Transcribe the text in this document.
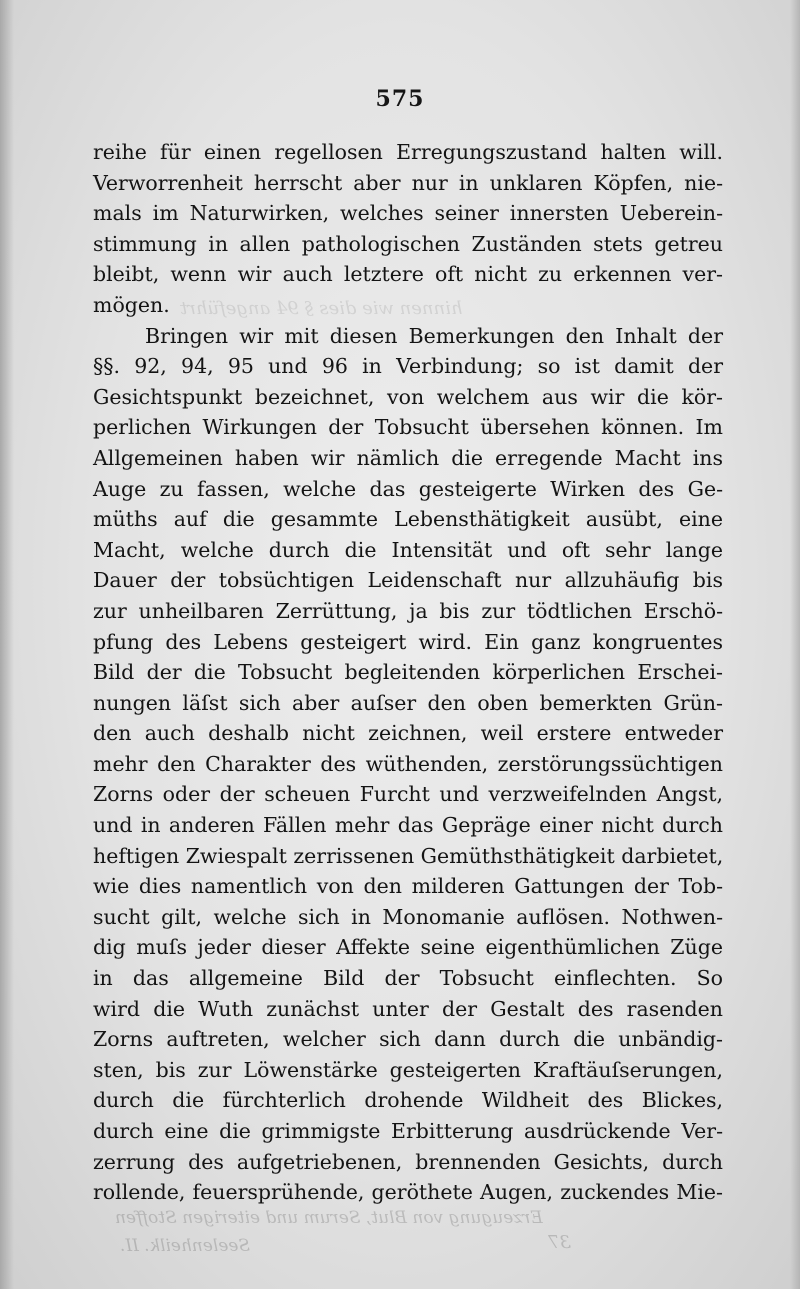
575
reihe für einen regellosen Erregungszustand halten will.
Verworrenheit herrscht aber nur in unklaren Köpfen, nie-
mals im Naturwirken, welches seiner innersten Ueberein-
stimmung in allen pathologischen Zuständen stets getreu
bleibt, wenn wir auch letztere oft nicht zu erkennen ver-
mögen.
Bringen wir mit diesen Bemerkungen den Inhalt der
§§. 92, 94, 95 und 96 in Verbindung; so ist damit der
Gesichtspunkt bezeichnet, von welchem aus wir die kör-
perlichen Wirkungen der Tobsucht übersehen können. Im
Allgemeinen haben wir nämlich die erregende Macht ins
Auge zu fassen, welche das gesteigerte Wirken des Ge-
müths auf die gesammte Lebensthätigkeit ausübt, eine
Macht, welche durch die Intensität und oft sehr lange
Dauer der tobsüchtigen Leidenschaft nur allzuhäufig bis
zur unheilbaren Zerrüttung, ja bis zur tödtlichen Erschö-
pfung des Lebens gesteigert wird. Ein ganz kongruentes
Bild der die Tobsucht begleitenden körperlichen Erschei-
nungen läſst sich aber auſser den oben bemerkten Grün-
den auch deshalb nicht zeichnen, weil erstere entweder
mehr den Charakter des wüthenden, zerstörungssüchtigen
Zorns oder der scheuen Furcht und verzweifelnden Angst,
und in anderen Fällen mehr das Gepräge einer nicht durch
heftigen Zwiespalt zerrissenen Gemüthsthätigkeit darbietet,
wie dies namentlich von den milderen Gattungen der Tob-
sucht gilt, welche sich in Monomanie auflösen. Nothwen-
dig muſs jeder dieser Affekte seine eigenthümlichen Züge
in das allgemeine Bild der Tobsucht einflechten. So
wird die Wuth zunächst unter der Gestalt des rasenden
Zorns auftreten, welcher sich dann durch die unbändig-
sten, bis zur Löwenstärke gesteigerten Kraftäuſserungen,
durch die fürchterlich drohende Wildheit des Blickes,
durch eine die grimmigste Erbitterung ausdrückende Ver-
zerrung des aufgetriebenen, brennenden Gesichts, durch
rollende, feuersprühende, geröthete Augen, zuckendes Mie-
Erzeugung von Blut, Serum und eiterigen Stoffen
Seelenheilk. II.	37
hinnen wie dies § 94 angeführt
